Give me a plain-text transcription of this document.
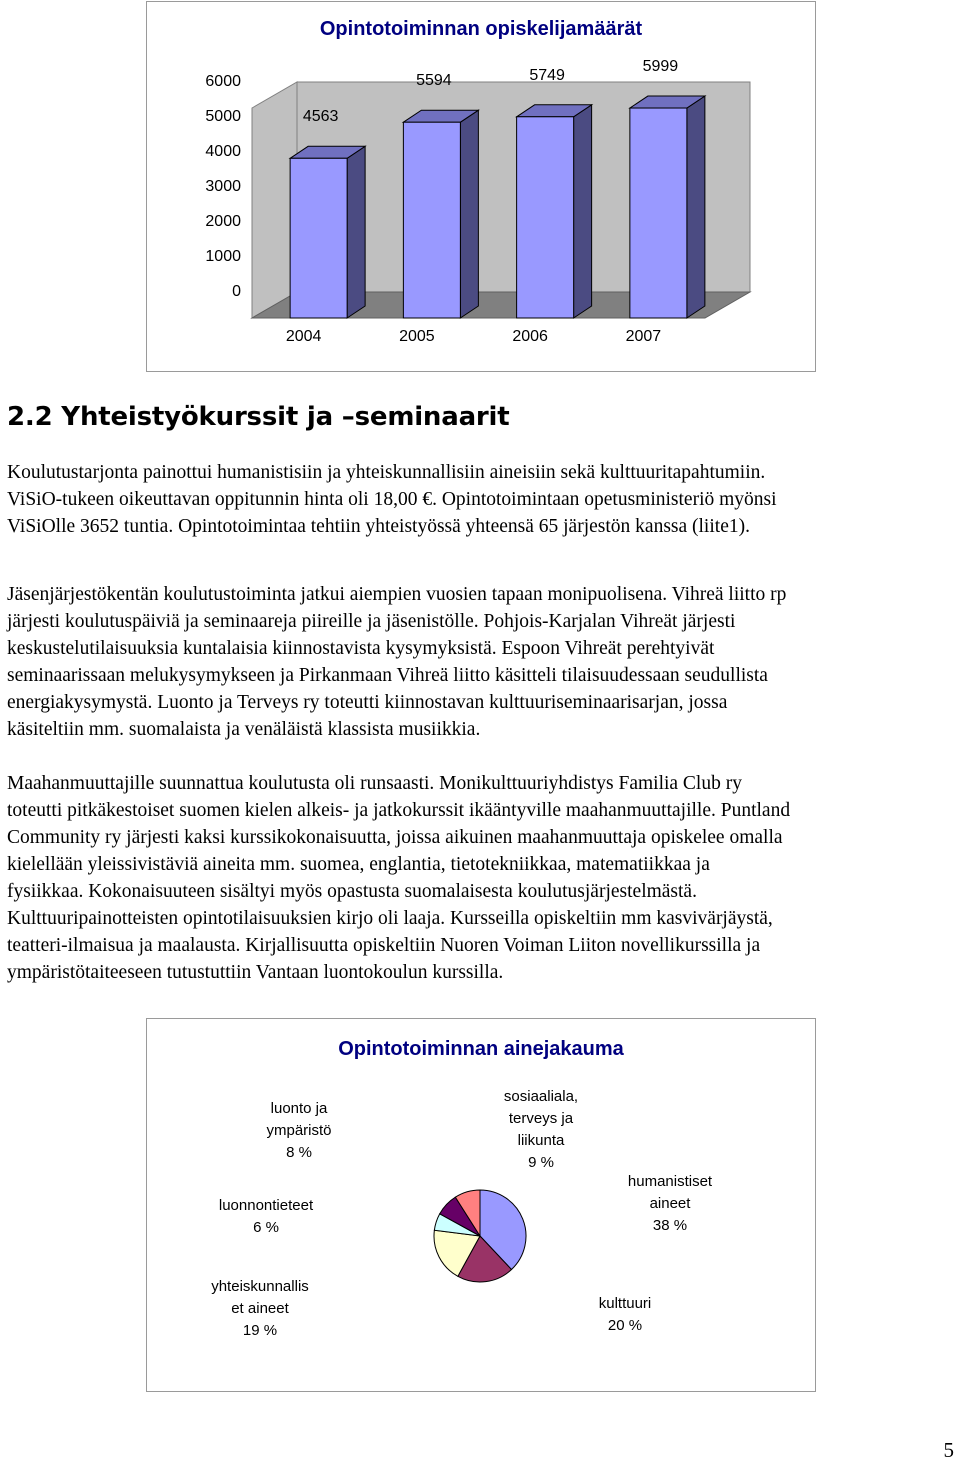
Opintotoiminnan opiskelijamäärät
4563
2004
5594
2005
5749
2006
5999
2007
6000
5000
4000
3000
2000
1000
0
2.2 Yhteistyökurssit ja –seminaarit
Koulutustarjonta painottui humanistisiin ja yhteiskunnallisiin aineisiin sekä kulttuuritapahtumiin.
ViSiO-tukeen oikeuttavan oppitunnin hinta oli 18,00 €. Opintotoimintaan opetusministeriö myönsi
ViSiOlle 3652 tuntia. Opintotoimintaa tehtiin yhteistyössä yhteensä 65 järjestön kanssa (liite1).
Jäsenjärjestökentän koulutustoiminta jatkui aiempien vuosien tapaan monipuolisena. Vihreä liitto rp
järjesti koulutuspäiviä ja seminaareja piireille ja jäsenistölle. Pohjois-Karjalan Vihreät järjesti
keskustelutilaisuuksia kuntalaisia kiinnostavista kysymyksistä. Espoon Vihreät perehtyivät
seminaarissaan melukysymykseen ja Pirkanmaan Vihreä liitto käsitteli tilaisuudessaan seudullista
energiakysymystä. Luonto ja Terveys ry toteutti kiinnostavan kulttuuriseminaarisarjan, jossa
käsiteltiin mm. suomalaista ja venäläistä klassista musiikkia.
Maahanmuuttajille suunnattua koulutusta oli runsaasti. Monikulttuuriyhdistys Familia Club ry
toteutti pitkäkestoiset suomen kielen alkeis- ja jatkokurssit ikääntyville maahanmuuttajille. Puntland
Community ry järjesti kaksi kurssikokonaisuutta, joissa aikuinen maahanmuuttaja opiskelee omalla
kielellään yleissivistäviä aineita mm. suomea, englantia, tietotekniikkaa, matematiikkaa ja
fysiikkaa. Kokonaisuuteen sisältyi myös opastusta suomalaisesta koulutusjärjestelmästä.
Kulttuuripainotteisten opintotilaisuuksien kirjo oli laaja. Kursseilla opiskeltiin mm kasvivärjäystä,
teatteri-ilmaisua ja maalausta. Kirjallisuutta opiskeltiin Nuoren Voiman Liiton novellikurssilla ja
ympäristötaiteeseen tutustuttiin Vantaan luontokoulun kurssilla.
Opintotoiminnan ainejakauma
luonto ja
ympäristö
8 %
sosiaaliala,
terveys ja
liikunta
9 %
humanistiset
aineet
38 %
luonnontieteet
6 %
yhteiskunnallis
et aineet
19 %
kulttuuri
20 %
5
